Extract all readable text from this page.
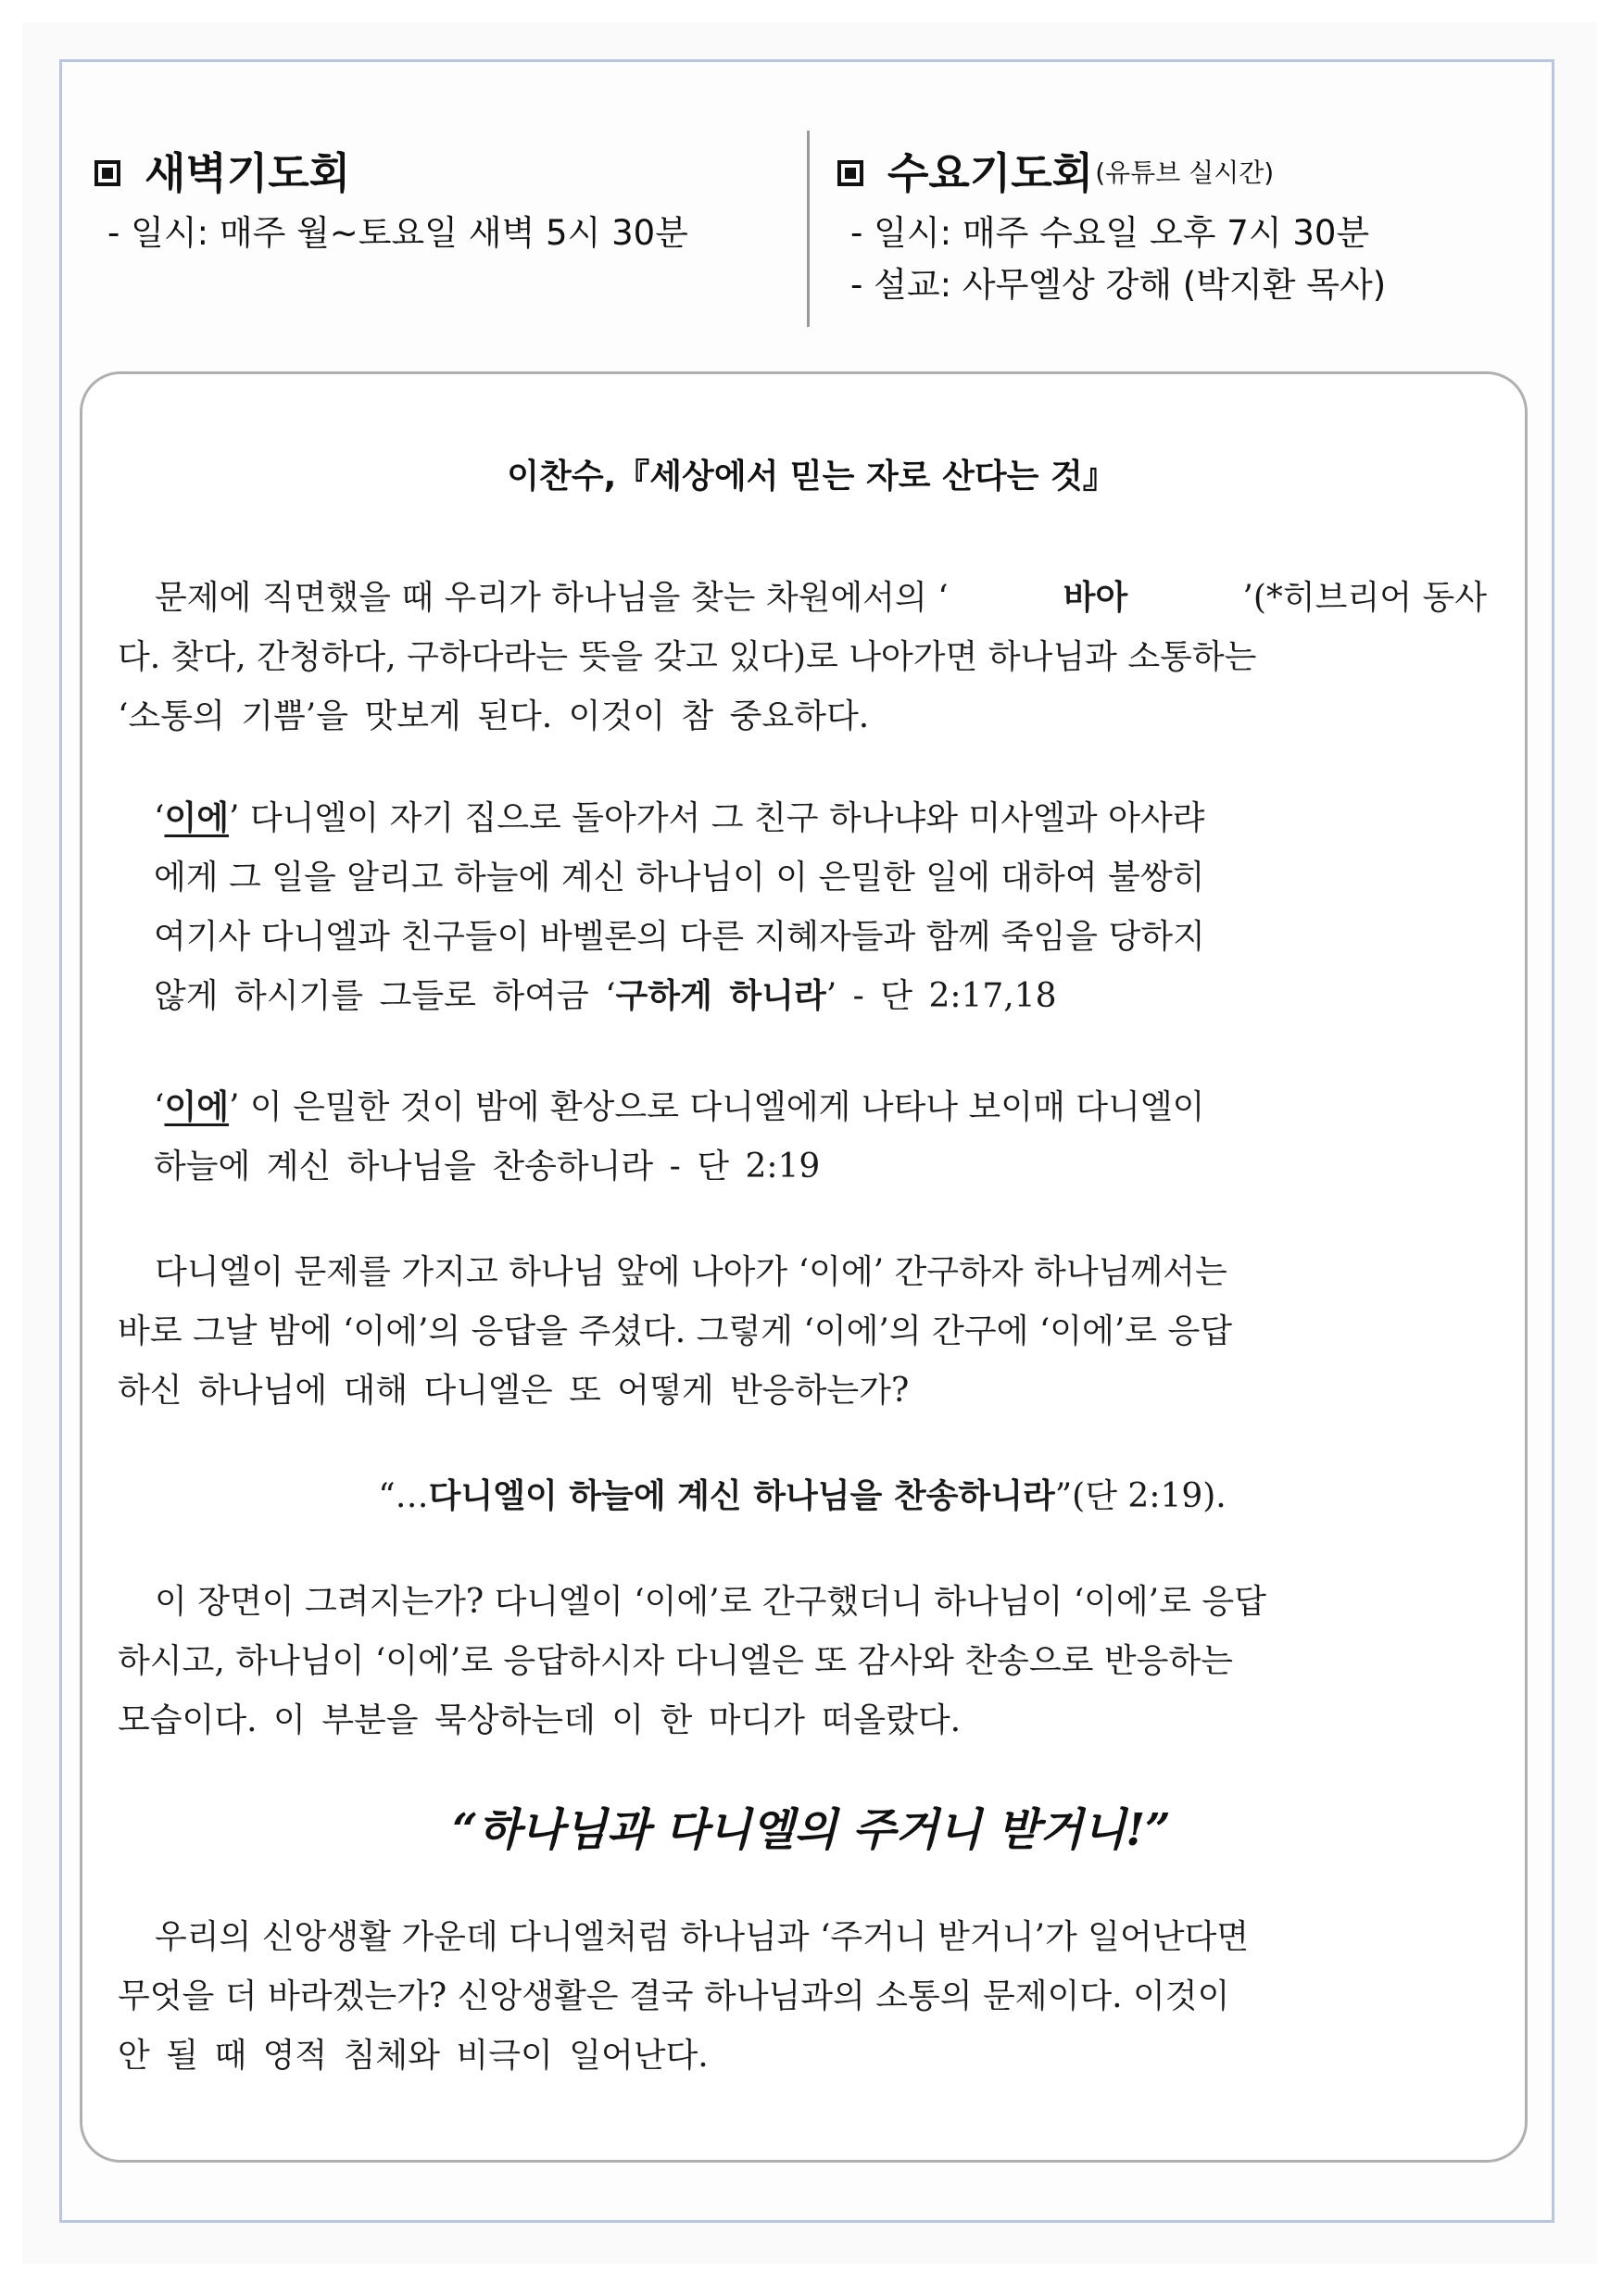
새벽기도회
- 일시: 매주 월~토요일 새벽 5시 30분
수요기도회 (유튜브 실시간)
- 일시: 매주 수요일 오후 7시 30분
- 설교: 사무엘상 강해 (박지환 목사)
이찬수,『세상에서 믿는 자로 산다는 것』
문제에 직면했을 때 우리가 하나님을 찾는 차원에서의 ‘	바아	’(*히브리어 동사
다. 찾다, 간청하다, 구하다라는 뜻을 갖고 있다)로 나아가면 하나님과 소통하는
‘소통의 기쁨’을 맛보게 된다. 이것이 참 중요하다.
‘이에’ 다니엘이 자기 집으로 돌아가서 그 친구 하나냐와 미사엘과 아사랴
에게 그 일을 알리고 하늘에 계신 하나님이 이 은밀한 일에 대하여 불쌍히
여기사 다니엘과 친구들이 바벨론의 다른 지혜자들과 함께 죽임을 당하지
않게 하시기를 그들로 하여금 ‘ 구하게 하니라 ’ - 단 2:17,18
‘이에’ 이 은밀한 것이 밤에 환상으로 다니엘에게 나타나 보이매 다니엘이
하늘에 계신 하나님을 찬송하니라 - 단 2:19
다니엘이 문제를 가지고 하나님 앞에 나아가 ‘이에’ 간구하자 하나님께서는
바로 그날 밤에 ‘이에’의 응답을 주셨다. 그렇게 ‘이에’의 간구에 ‘이에’로 응답
하신 하나님에 대해 다니엘은 또 어떻게 반응하는가?
“… 다니엘이 하늘에 계신 하나님을 찬송하니라 ”(단 2:19).
이 장면이 그려지는가? 다니엘이 ‘이에’로 간구했더니 하나님이 ‘이에’로 응답
하시고, 하나님이 ‘이에’로 응답하시자 다니엘은 또 감사와 찬송으로 반응하는
모습이다. 이 부분을 묵상하는데 이 한 마디가 떠올랐다.
“하나님과 다니엘의 주거니 받거니!”
우리의 신앙생활 가운데 다니엘처럼 하나님과 ‘주거니 받거니’가 일어난다면
무엇을 더 바라겠는가? 신앙생활은 결국 하나님과의 소통의 문제이다. 이것이
안 될 때 영적 침체와 비극이 일어난다.
